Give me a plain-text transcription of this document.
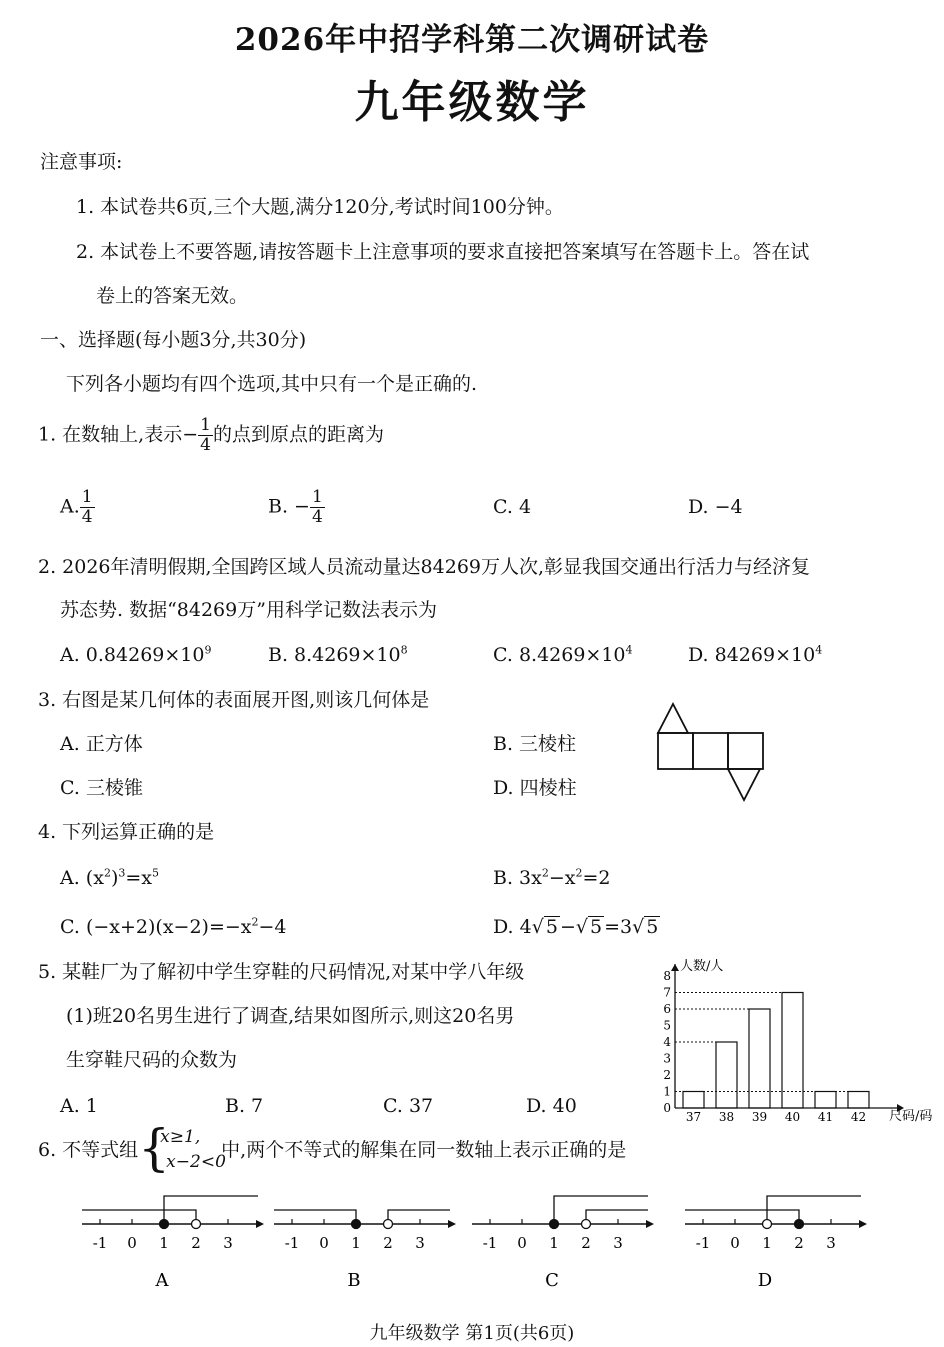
2026年中招学科第二次调研试卷
九年级数学
注意事项:
1. 本试卷共6页,三个大题,满分120分,考试时间100分钟。
2. 本试卷上不要答题,请按答题卡上注意事项的要求直接把答案填写在答题卡上。答在试
卷上的答案无效。
一、选择题(每小题3分,共30分)
下列各小题均有四个选项,其中只有一个是正确的.
1. 在数轴上,表示− $\frac{1}{4}$ 的点到原点的距离为
A. $\frac{1}{4}$	B. − $\frac{1}{4}$	C. 4	D. −4
2. 2026年清明假期,全国跨区域人员流动量达84269万人次,彰显我国交通出行活力与经济复
苏态势. 数据“84269万”用科学记数法表示为
A. $0.84269\times 10^9$	B. $8.4269\times 10^8$	C. $8.4269\times 10^4$	D. $84269\times 10^4$
3. 右图是某几何体的表面展开图,则该几何体是
A. 正方体	B. 三棱柱
C. 三棱锥	D. 四棱柱
4. 下列运算正确的是
A. $(x^2)^3=x^5$	B. $3x^2-x^2=2$
C. $(-x+2)(x-2)=-x^2-4$	D. 4√ 5 −√ 5 =3√ 5
5. 某鞋厂为了解初中学生穿鞋的尺码情况,对某中学八年级
(1)班20名男生进行了调查,结果如图所示,则这20名男
生穿鞋尺码的众数为
A. 1	B. 7	C. 37	D. 40	0
1
2
3
4
5
6
7
8
人数/人
尺码/码
37 38 39 40 41 42
6. 不等式组 {
x≥1,
x−2<0
中,两个不等式的解集在同一数轴上表示正确的是
-1 0 1 2 3
A
-1 0 1 2 3
B
-1 0 1 2 3
C
-1 0 1 2 3
D
九年级数学 第1页(共6页)
